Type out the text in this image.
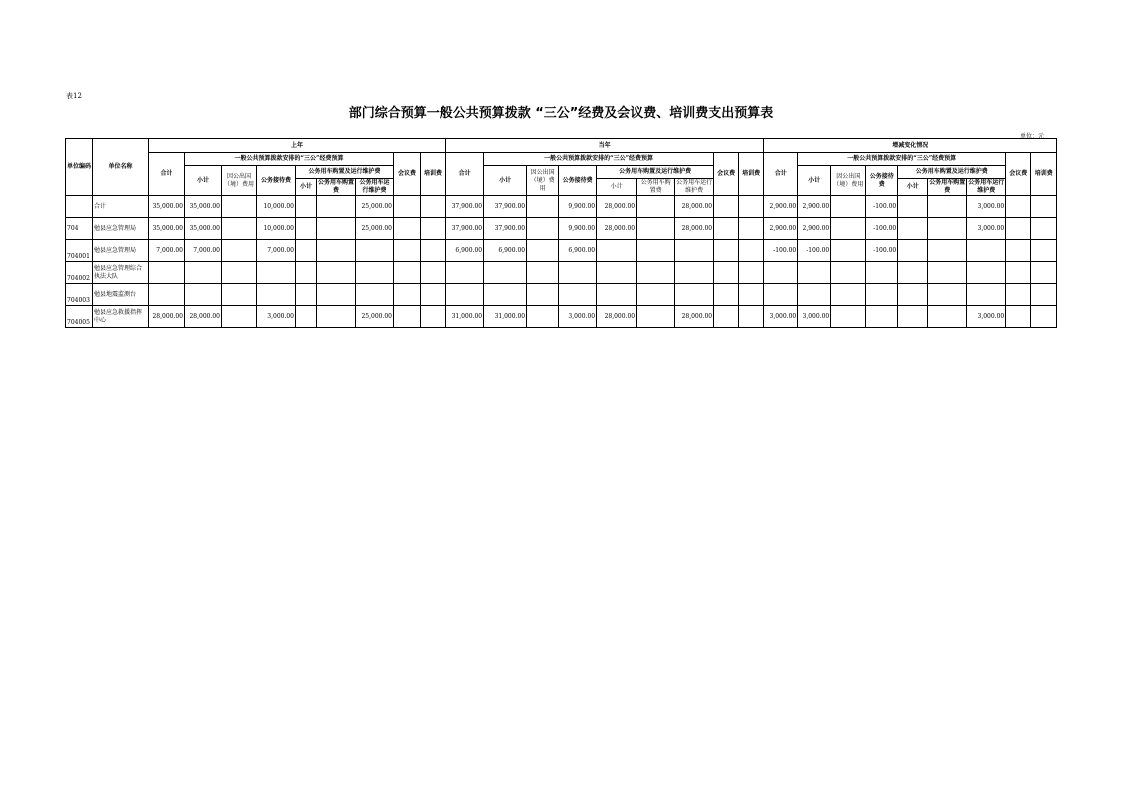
表12
部门综合预算一般公共预算拨款 “三公”经费及会议费、培训费支出预算表
单位：元
单位编码	单位名称	上年									当年									增减变化情况								
		合计	一般公共预算拨款安排的“三公”经费预算						会议费	培训费	合计	一般公共预算拨款安排的“三公”经费预算						会议费	培训费	合计	一般公共预算拨款安排的“三公”经费预算						会议费	培训费
			小计	因公出国（境）费用	公务接待费	公务用车购置及运行维护费						小计	因公出国（境）费用	公务接待费	公务用车购置及运行维护费						小计	因公出国（境）费用	公务接待费	公务用车购置及运行维护费				
						小计	公务用车购置费	公务用车运行维护费							小计	公务用车购置费	公务用车运行维护费							小计	公务用车购置费	公务用车运行维护费		
	合计	35,000.00	35,000.00		10,000.00			25,000.00			37,900.00	37,900.00		9,900.00	28,000.00		28,000.00			2,900.00	2,900.00		-100.00			3,000.00		
704	勉县应急管理局	35,000.00	35,000.00		10,000.00			25,000.00			37,900.00	37,900.00		9,900.00	28,000.00		28,000.00			2,900.00	2,900.00		-100.00			3,000.00		
704001	勉县应急管理局	7,000.00	7,000.00		7,000.00						6,900.00	6,900.00		6,900.00						-100.00	-100.00		-100.00					
704002	勉县应急管理综合执法大队																											
704003	勉县地震监测台																											
704005	勉县应急救援指挥中心	28,000.00	28,000.00		3,000.00			25,000.00			31,000.00	31,000.00		3,000.00	28,000.00		28,000.00			3,000.00	3,000.00					3,000.00		
